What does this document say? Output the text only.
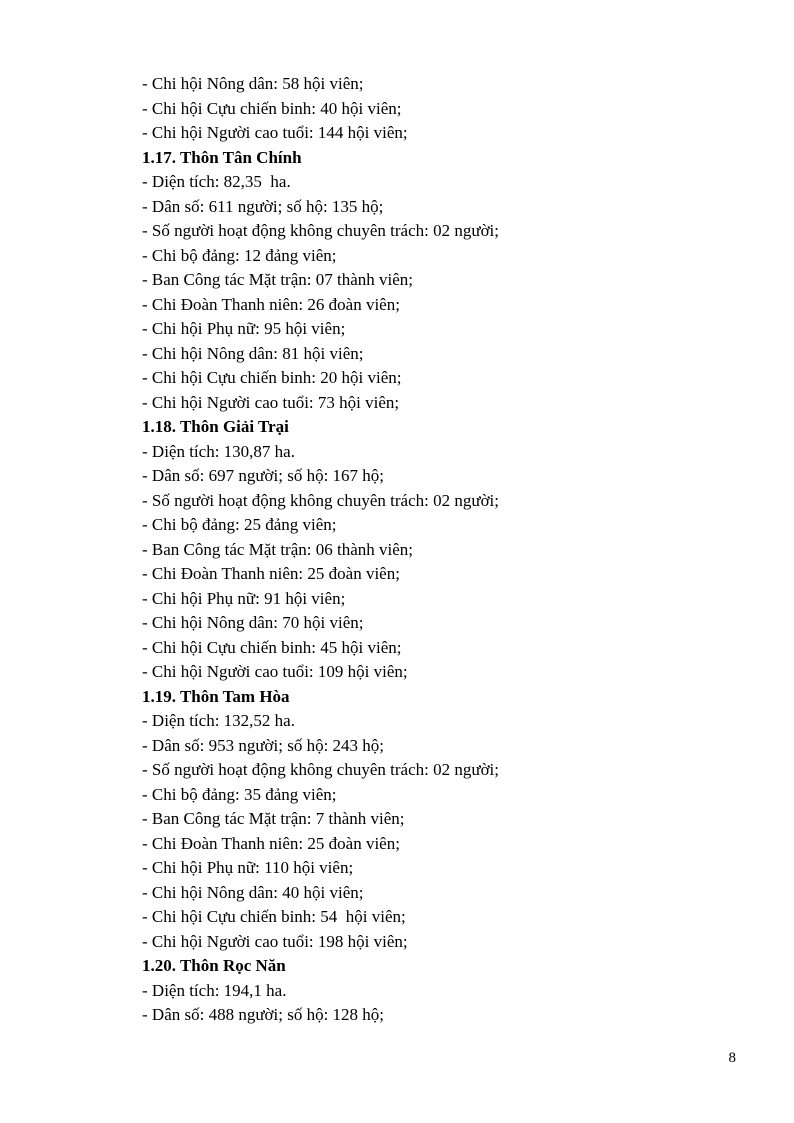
- Chi hội Nông dân: 58 hội viên;
- Chi hội Cựu chiến binh: 40 hội viên;
- Chi hội Người cao tuổi: 144 hội viên;
1.17. Thôn Tân Chính
- Diện tích: 82,35  ha.
- Dân số: 611 người; số hộ: 135 hộ;
- Số người hoạt động không chuyên trách: 02 người;
- Chi bộ đảng: 12 đảng viên;
- Ban Công tác Mặt trận: 07 thành viên;
- Chi Đoàn Thanh niên: 26 đoàn viên;
- Chi hội Phụ nữ: 95 hội viên;
- Chi hội Nông dân: 81 hội viên;
- Chi hội Cựu chiến binh: 20 hội viên;
- Chi hội Người cao tuổi: 73 hội viên;
1.18. Thôn Giải Trại
- Diện tích: 130,87 ha.
- Dân số: 697 người; số hộ: 167 hộ;
- Số người hoạt động không chuyên trách: 02 người;
- Chi bộ đảng: 25 đảng viên;
- Ban Công tác Mặt trận: 06 thành viên;
- Chi Đoàn Thanh niên: 25 đoàn viên;
- Chi hội Phụ nữ: 91 hội viên;
- Chi hội Nông dân: 70 hội viên;
- Chi hội Cựu chiến binh: 45 hội viên;
- Chi hội Người cao tuổi: 109 hội viên;
1.19. Thôn Tam Hòa
- Diện tích: 132,52 ha.
- Dân số: 953 người; số hộ: 243 hộ;
- Số người hoạt động không chuyên trách: 02 người;
- Chi bộ đảng: 35 đảng viên;
- Ban Công tác Mặt trận: 7 thành viên;
- Chi Đoàn Thanh niên: 25 đoàn viên;
- Chi hội Phụ nữ: 110 hội viên;
- Chi hội Nông dân: 40 hội viên;
- Chi hội Cựu chiến binh: 54  hội viên;
- Chi hội Người cao tuổi: 198 hội viên;
1.20. Thôn Rọc Năn
- Diện tích: 194,1 ha.
- Dân số: 488 người; số hộ: 128 hộ;
8
